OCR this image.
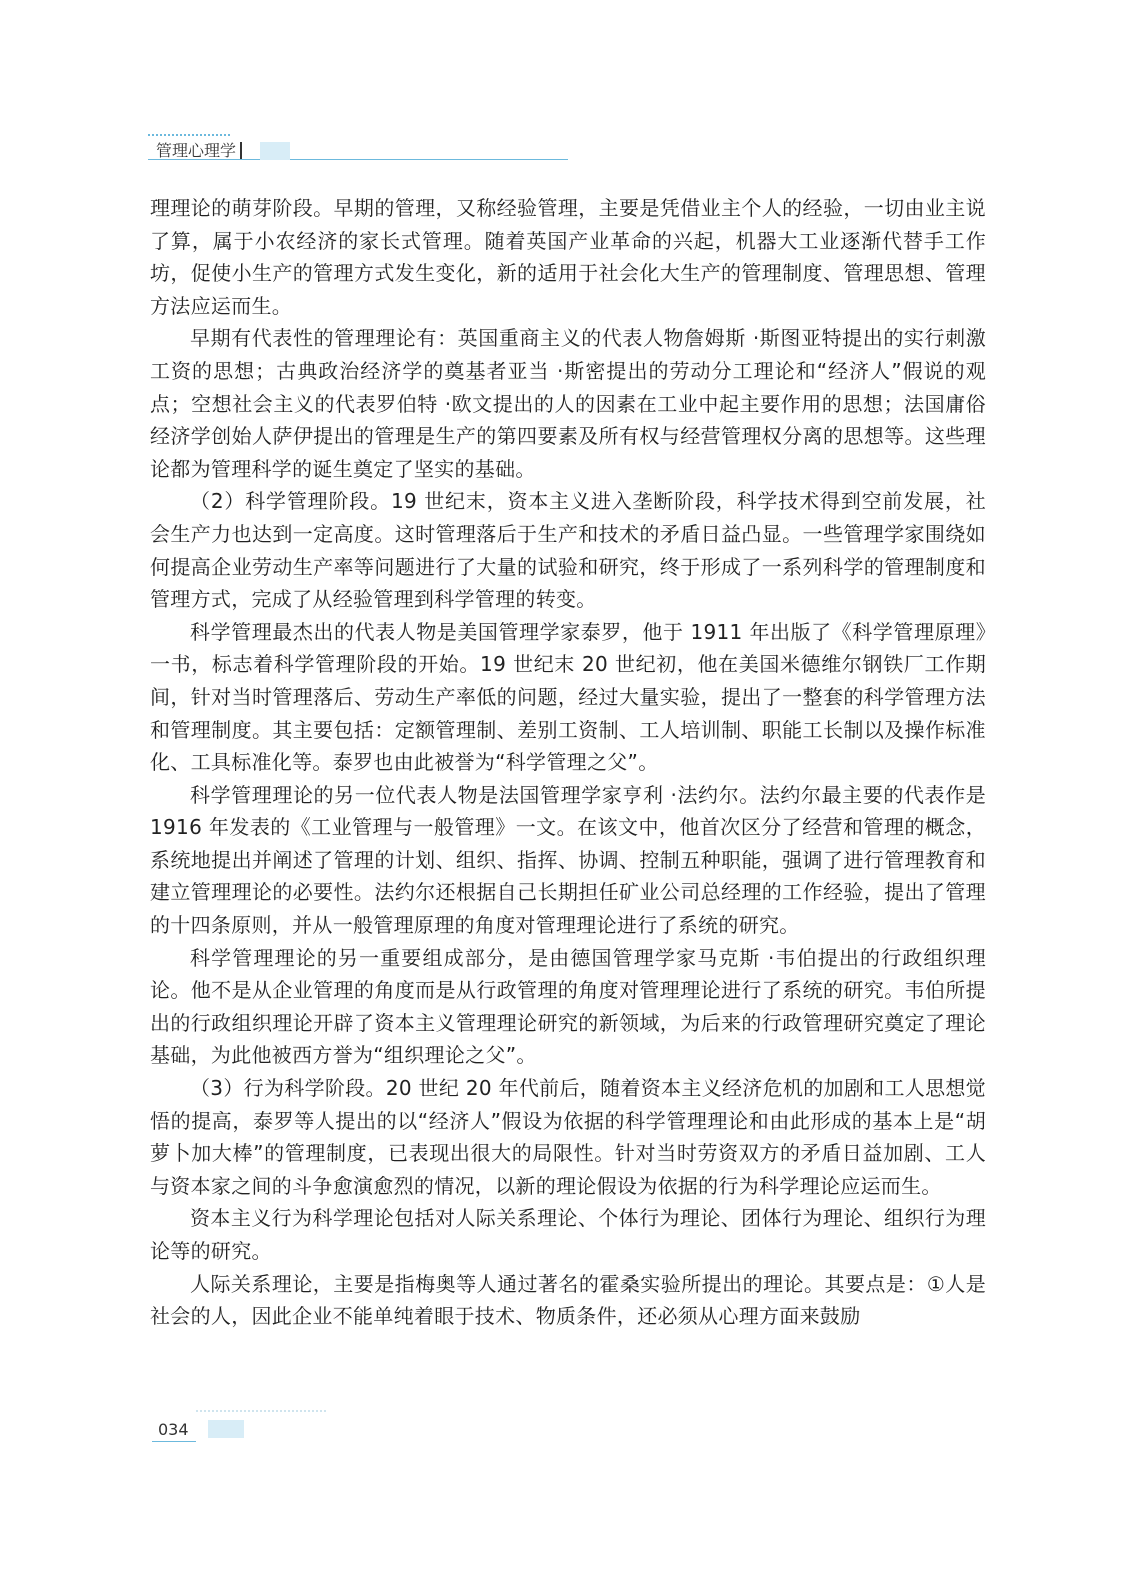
管理心理学

理理论的萌芽阶段。早期的管理，又称经验管理，主要是凭借业主个人的经验，一切由业主说了算，属于小农经济的家长式管理。随着英国产业革命的兴起，机器大工业逐渐代替手工作坊，促使小生产的管理方式发生变化，新的适用于社会化大生产的管理制度、管理思想、管理方法应运而生。

早期有代表性的管理理论有：英国重商主义的代表人物詹姆斯 ·斯图亚特提出的实行刺激工资的思想；古典政治经济学的奠基者亚当 ·斯密提出的劳动分工理论和“经济人”假说的观点；空想社会主义的代表罗伯特 ·欧文提出的人的因素在工业中起主要作用的思想；法国庸俗经济学创始人萨伊提出的管理是生产的第四要素及所有权与经营管理权分离的思想等。这些理论都为管理科学的诞生奠定了坚实的基础。

（2）科学管理阶段。19 世纪末，资本主义进入垄断阶段，科学技术得到空前发展，社会生产力也达到一定高度。这时管理落后于生产和技术的矛盾日益凸显。一些管理学家围绕如何提高企业劳动生产率等问题进行了大量的试验和研究，终于形成了一系列科学的管理制度和管理方式，完成了从经验管理到科学管理的转变。

科学管理最杰出的代表人物是美国管理学家泰罗，他于 1911 年出版了《科学管理原理》一书，标志着科学管理阶段的开始。19 世纪末 20 世纪初，他在美国米德维尔钢铁厂工作期间，针对当时管理落后、劳动生产率低的问题，经过大量实验，提出了一整套的科学管理方法和管理制度。其主要包括：定额管理制、差别工资制、工人培训制、职能工长制以及操作标准化、工具标准化等。泰罗也由此被誉为“科学管理之父”。

科学管理理论的另一位代表人物是法国管理学家亨利 ·法约尔。法约尔最主要的代表作是 1916 年发表的《工业管理与一般管理》一文。在该文中，他首次区分了经营和管理的概念，系统地提出并阐述了管理的计划、组织、指挥、协调、控制五种职能，强调了进行管理教育和建立管理理论的必要性。法约尔还根据自己长期担任矿业公司总经理的工作经验，提出了管理的十四条原则，并从一般管理原理的角度对管理理论进行了系统的研究。

科学管理理论的另一重要组成部分，是由德国管理学家马克斯 ·韦伯提出的行政组织理论。他不是从企业管理的角度而是从行政管理的角度对管理理论进行了系统的研究。韦伯所提出的行政组织理论开辟了资本主义管理理论研究的新领域，为后来的行政管理研究奠定了理论基础，为此他被西方誉为“组织理论之父”。

（3）行为科学阶段。20 世纪 20 年代前后，随着资本主义经济危机的加剧和工人思想觉悟的提高，泰罗等人提出的以“经济人”假设为依据的科学管理理论和由此形成的基本上是“胡萝卜加大棒”的管理制度，已表现出很大的局限性。针对当时劳资双方的矛盾日益加剧、工人与资本家之间的斗争愈演愈烈的情况，以新的理论假设为依据的行为科学理论应运而生。

资本主义行为科学理论包括对人际关系理论、个体行为理论、团体行为理论、组织行为理论等的研究。

人际关系理论，主要是指梅奥等人通过著名的霍桑实验所提出的理论。其要点是：①人是社会的人，因此企业不能单纯着眼于技术、物质条件，还必须从心理方面来鼓励

034
